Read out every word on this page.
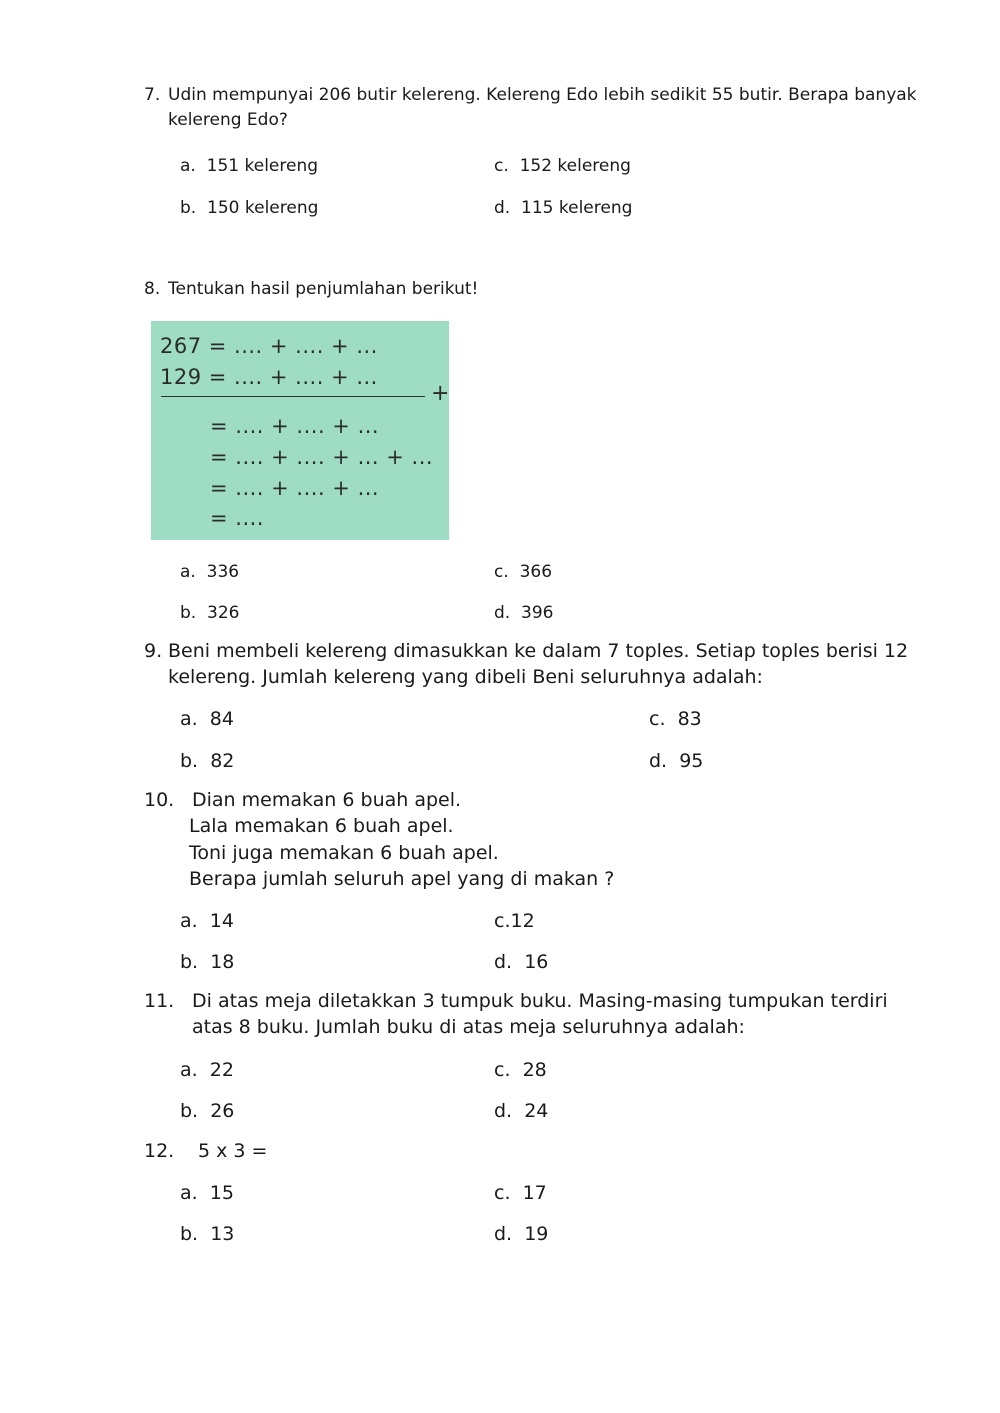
7. Udin mempunyai 206 butir kelereng. Kelereng Edo lebih sedikit 55 butir. Berapa banyak
kelereng Edo?
a. 151 kelereng
b. 150 kelereng
c. 152 kelereng
d. 115 kelereng
8. Tentukan hasil penjumlahan berikut!
267 = .... + .... + ...
129 = .... + .... + ...
+
= .... + .... + ...
= .... + .... + ... + ...
= .... + .... + ...
= ....
a. 336
b. 326
c. 366
d. 396
9. Beni membeli kelereng dimasukkan ke dalam 7 toples. Setiap toples berisi 12
kelereng. Jumlah kelereng yang dibeli Beni seluruhnya adalah:
a. 84
b. 82
c. 83
d. 95
10. Dian memakan 6 buah apel.
Lala memakan 6 buah apel.
Toni juga memakan 6 buah apel.
Berapa jumlah seluruh apel yang di makan ?
a. 14
b. 18
c.12
d. 16
11. Di atas meja diletakkan 3 tumpuk buku. Masing-masing tumpukan terdiri
atas 8 buku. Jumlah buku di atas meja seluruhnya adalah:
a. 22
b. 26
c. 28
d. 24
12. 5 x 3 =
a. 15
b. 13
c. 17
d. 19
